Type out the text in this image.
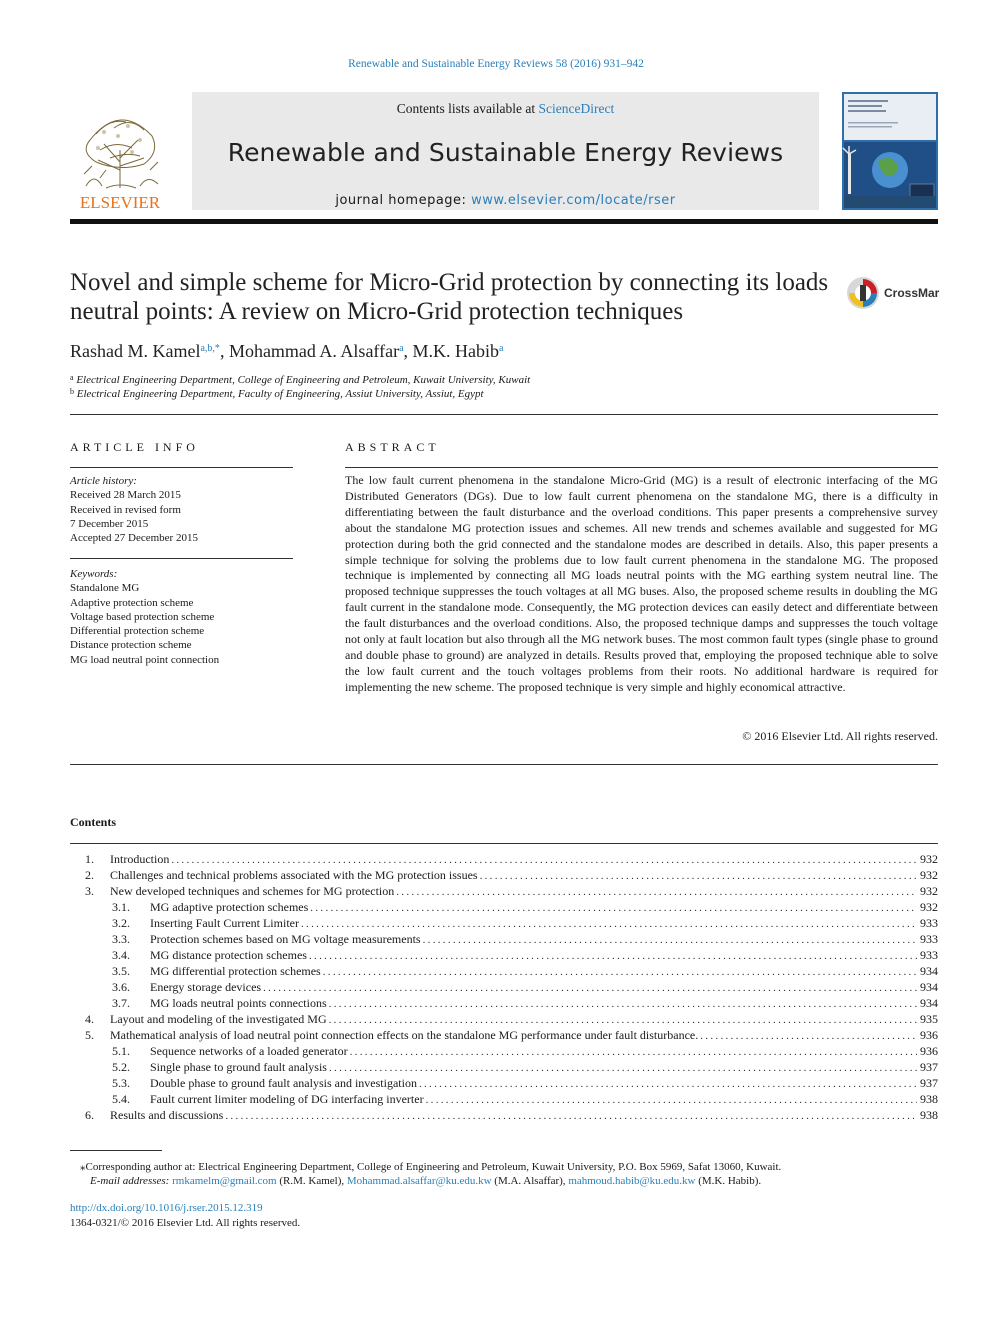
Renewable and Sustainable Energy Reviews 58 (2016) 931–942
ELSEVIER
Contents lists available at ScienceDirect
Renewable and Sustainable Energy Reviews
journal homepage: www.elsevier.com/locate/rser
Novel and simple scheme for Micro-Grid protection by connecting its loads neutral points: A review on Micro-Grid protection techniques
CrossMark
Rashad M. Kamel$^{a,b,*}$, Mohammad A. Alsaffar$^a$, M.K. Habib$^a$
$^a$ Electrical Engineering Department, College of Engineering and Petroleum, Kuwait University, Kuwait
$^b$ Electrical Engineering Department, Faculty of Engineering, Assiut University, Assiut, Egypt
ARTICLE INFO
Article history:
Received 28 March 2015
Received in revised form
7 December 2015
Accepted 27 December 2015
Keywords:
Standalone MG
Adaptive protection scheme
Voltage based protection scheme
Differential protection scheme
Distance protection scheme
MG load neutral point connection
ABSTRACT
The low fault current phenomena in the standalone Micro-Grid (MG) is a result of electronic interfacing of the MG Distributed Generators (DGs). Due to low fault current phenomena on the standalone MG, there is a difficulty in differentiating between the fault disturbance and the overload conditions. This paper presents a comprehensive survey about the standalone MG protection issues and schemes. All new trends and schemes available and suggested for MG protection during both the grid connected and the standalone modes are described in details. Also, this paper presents a simple technique for solving the problems due to low fault current phenomena in the standalone MG. The proposed technique is implemented by connecting all MG loads neutral points with the MG earthing system neutral line. The proposed technique suppresses the touch voltages at all MG buses. Also, the proposed scheme results in doubling the MG fault current in the standalone mode. Consequently, the MG protection devices can easily detect and differentiate between the fault disturbances and the overload conditions. Also, the proposed technique damps and suppresses the touch voltage not only at fault location but also through all the MG network buses. The most common fault types (single phase to ground and double phase to ground) are analyzed in details. Results proved that, employing the proposed technique able to solve the low fault current and the touch voltages problems from their roots. No additional hardware is required for implementing the new scheme. The proposed technique is very simple and highly economical attractive.
© 2016 Elsevier Ltd. All rights reserved.
Contents
1. Introduction .....	932
2. Challenges and technical problems associated with the MG protection issues .....	932
3. New developed techniques and schemes for MG protection .....	932
3.1. MG adaptive protection schemes .....	932
3.2. Inserting Fault Current Limiter .....	933
3.3. Protection schemes based on MG voltage measurements .....	933
3.4. MG distance protection schemes .....	933
3.5. MG differential protection schemes .....	934
3.6. Energy storage devices .....	934
3.7. MG loads neutral points connections .....	934
4. Layout and modeling of the investigated MG .....	935
5. Mathematical analysis of load neutral point connection effects on the standalone MG performance under fault disturbance. .....	936
5.1. Sequence networks of a loaded generator .....	936
5.2. Single phase to ground fault analysis .....	937
5.3. Double phase to ground fault analysis and investigation .....	937
5.4. Fault current limiter modeling of DG interfacing inverter .....	938
6. Results and discussions .....	938
⁎Corresponding author at: Electrical Engineering Department, College of Engineering and Petroleum, Kuwait University, P.O. Box 5969, Safat 13060, Kuwait.
E-mail addresses: rmkamelm@gmail.com (R.M. Kamel), Mohammad.alsaffar@ku.edu.kw (M.A. Alsaffar), mahmoud.habib@ku.edu.kw (M.K. Habib).
http://dx.doi.org/10.1016/j.rser.2015.12.319
1364-0321/© 2016 Elsevier Ltd. All rights reserved.
